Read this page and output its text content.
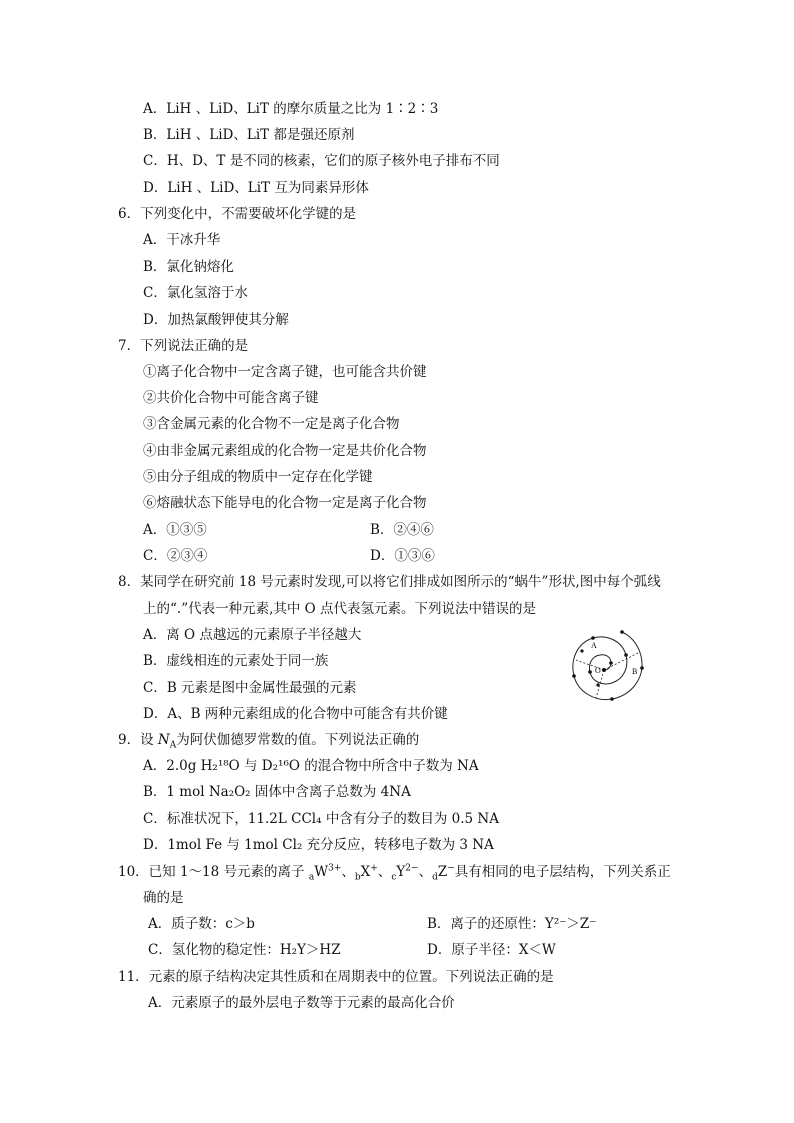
A．LiH 、LiD、LiT 的摩尔质量之比为 1∶2∶3
B．LiH 、LiD、LiT 都是强还原剂
C．H、D、T 是不同的核素，它们的原子核外电子排布不同
D．LiH 、LiD、LiT 互为同素异形体
6．下列变化中，不需要破坏化学键的是
A．干冰升华
B．氯化钠熔化
C．氯化氢溶于水
D．加热氯酸钾使其分解
7．下列说法正确的是
①离子化合物中一定含离子键，也可能含共价键
②共价化合物中可能含离子键
③含金属元素的化合物不一定是离子化合物
④由非金属元素组成的化合物一定是共价化合物
⑤由分子组成的物质中一定存在化学键
⑥熔融状态下能导电的化合物一定是离子化合物
A．①③⑤	B．②④⑥
C．②③④	D．①③⑥
8．某同学在研究前 18 号元素时发现,可以将它们排成如图所示的“蜗牛”形状,图中每个弧线
上的“.”代表一种元素,其中 O 点代表氢元素。下列说法中错误的是
A．离 O 点越远的元素原子半径越大
B．虚线相连的元素处于同一族
C．B 元素是图中金属性最强的元素
D．A、B 两种元素组成的化合物中可能含有共价键
A
O	B
9．设 $N_A$为阿伏伽德罗常数的值。下列说法正确的
A．2.0g H₂¹⁸O 与 D₂¹⁶O 的混合物中所含中子数为 NA
B．1 mol Na₂O₂ 固体中含离子总数为 4NA
C．标准状况下，11.2L CCl₄ 中含有分子的数目为 0.5 NA
D．1mol Fe 与 1mol Cl₂ 充分反应，转移电子数为 3 NA
10．已知 1～18 号元素的离子 $_aW^{3+}$、$_b$X+、$_cY^{2-}$、$_d$Z−具有相同的电子层结构，下列关系正
确的是
A．质子数：c＞b	B．离子的还原性：Y²⁻＞Z⁻
C．氢化物的稳定性：H₂Y＞HZ	D．原子半径：X＜W
11．元素的原子结构决定其性质和在周期表中的位置。下列说法正确的是
A．元素原子的最外层电子数等于元素的最高化合价
